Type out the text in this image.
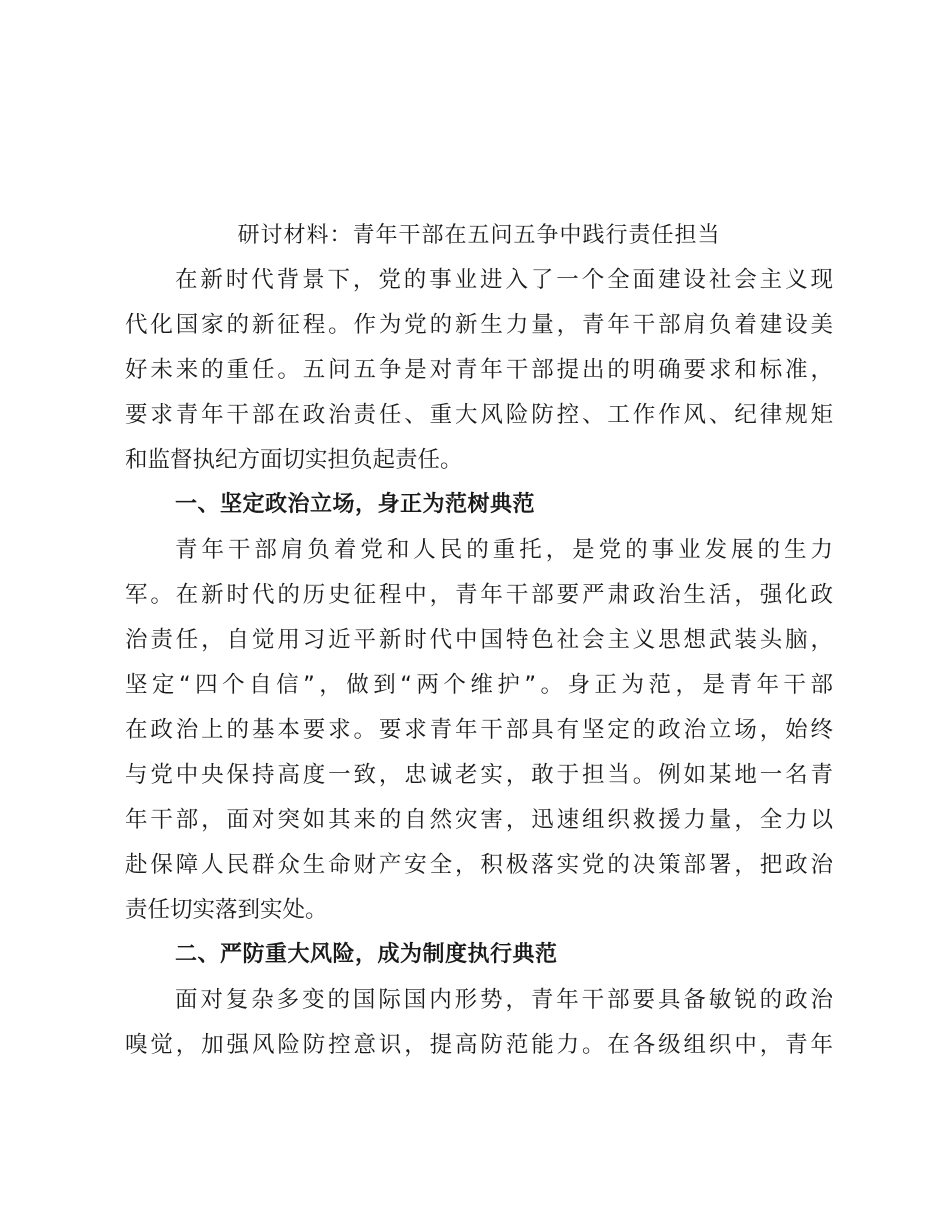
研讨材料：青年干部在五问五争中践行责任担当

在新时代背景下，党的事业进入了一个全面建设社会主义现

代化国家的新征程。作为党的新生力量，青年干部肩负着建设美

好未来的重任。五问五争是对青年干部提出的明确要求和标准，

要求青年干部在政治责任、重大风险防控、工作作风、纪律规矩

和监督执纪方面切实担负起责任。

一、坚定政治立场，身正为范树典范

青年干部肩负着党和人民的重托，是党的事业发展的生力

军。在新时代的历史征程中，青年干部要严肃政治生活，强化政

治责任，自觉用习近平新时代中国特色社会主义思想武装头脑，

坚定“四个自信”，做到“两个维护”。身正为范，是青年干部

在政治上的基本要求。要求青年干部具有坚定的政治立场，始终

与党中央保持高度一致，忠诚老实，敢于担当。例如某地一名青

年干部，面对突如其来的自然灾害，迅速组织救援力量，全力以

赴保障人民群众生命财产安全，积极落实党的决策部署，把政治

责任切实落到实处。

二、严防重大风险，成为制度执行典范

面对复杂多变的国际国内形势，青年干部要具备敏锐的政治

嗅觉，加强风险防控意识，提高防范能力。在各级组织中，青年
